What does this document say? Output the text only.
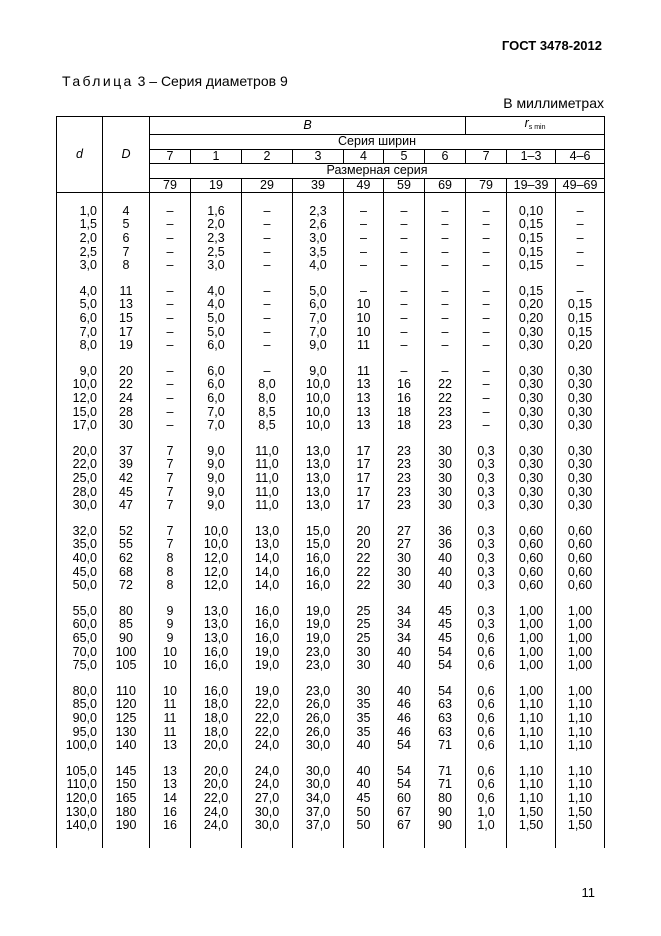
ГОСТ 3478-2012
Таблица 3 – Серия диаметров 9
В миллиметрах
d	D	B							$r_{s min}$
		Серия ширин									
		7	1	2	3	4	5	6	7	1–3	4–6
		Размерная серия									
		79	19	29	39	49	59	69	79	19–39	49–69

1,0	4	–	1,6	–	2,3	–	–	–	–	0,10	–
1,5	5	–	2,0	–	2,6	–	–	–	–	0,15	–
2,0	6	–	2,3	–	3,0	–	–	–	–	0,15	–
2,5	7	–	2,5	–	3,5	–	–	–	–	0,15	–
3,0	8	–	3,0	–	4,0	–	–	–	–	0,15	–

4,0	11	–	4,0	–	5,0	–	–	–	–	0,15	–
5,0	13	–	4,0	–	6,0	10	–	–	–	0,20	0,15
6,0	15	–	5,0	–	7,0	10	–	–	–	0,20	0,15
7,0	17	–	5,0	–	7,0	10	–	–	–	0,30	0,15
8,0	19	–	6,0	–	9,0	11	–	–	–	0,30	0,20

9,0	20	–	6,0	–	9,0	11	–	–	–	0,30	0,30
10,0	22	–	6,0	8,0	10,0	13	16	22	–	0,30	0,30
12,0	24	–	6,0	8,0	10,0	13	16	22	–	0,30	0,30
15,0	28	–	7,0	8,5	10,0	13	18	23	–	0,30	0,30
17,0	30	–	7,0	8,5	10,0	13	18	23	–	0,30	0,30

20,0	37	7	9,0	11,0	13,0	17	23	30	0,3	0,30	0,30
22,0	39	7	9,0	11,0	13,0	17	23	30	0,3	0,30	0,30
25,0	42	7	9,0	11,0	13,0	17	23	30	0,3	0,30	0,30
28,0	45	7	9,0	11,0	13,0	17	23	30	0,3	0,30	0,30
30,0	47	7	9,0	11,0	13,0	17	23	30	0,3	0,30	0,30

32,0	52	7	10,0	13,0	15,0	20	27	36	0,3	0,60	0,60
35,0	55	7	10,0	13,0	15,0	20	27	36	0,3	0,60	0,60
40,0	62	8	12,0	14,0	16,0	22	30	40	0,3	0,60	0,60
45,0	68	8	12,0	14,0	16,0	22	30	40	0,3	0,60	0,60
50,0	72	8	12,0	14,0	16,0	22	30	40	0,3	0,60	0,60

55,0	80	9	13,0	16,0	19,0	25	34	45	0,3	1,00	1,00
60,0	85	9	13,0	16,0	19,0	25	34	45	0,3	1,00	1,00
65,0	90	9	13,0	16,0	19,0	25	34	45	0,6	1,00	1,00
70,0	100	10	16,0	19,0	23,0	30	40	54	0,6	1,00	1,00
75,0	105	10	16,0	19,0	23,0	30	40	54	0,6	1,00	1,00

80,0	110	10	16,0	19,0	23,0	30	40	54	0,6	1,00	1,00
85,0	120	11	18,0	22,0	26,0	35	46	63	0,6	1,10	1,10
90,0	125	11	18,0	22,0	26,0	35	46	63	0,6	1,10	1,10
95,0	130	11	18,0	22,0	26,0	35	46	63	0,6	1,10	1,10
100,0	140	13	20,0	24,0	30,0	40	54	71	0,6	1,10	1,10

105,0	145	13	20,0	24,0	30,0	40	54	71	0,6	1,10	1,10
110,0	150	13	20,0	24,0	30,0	40	54	71	0,6	1,10	1,10
120,0	165	14	22,0	27,0	34,0	45	60	80	0,6	1,10	1,10
130,0	180	16	24,0	30,0	37,0	50	67	90	1,0	1,50	1,50
140,0	190	16	24,0	30,0	37,0	50	67	90	1,0	1,50	1,50

11
